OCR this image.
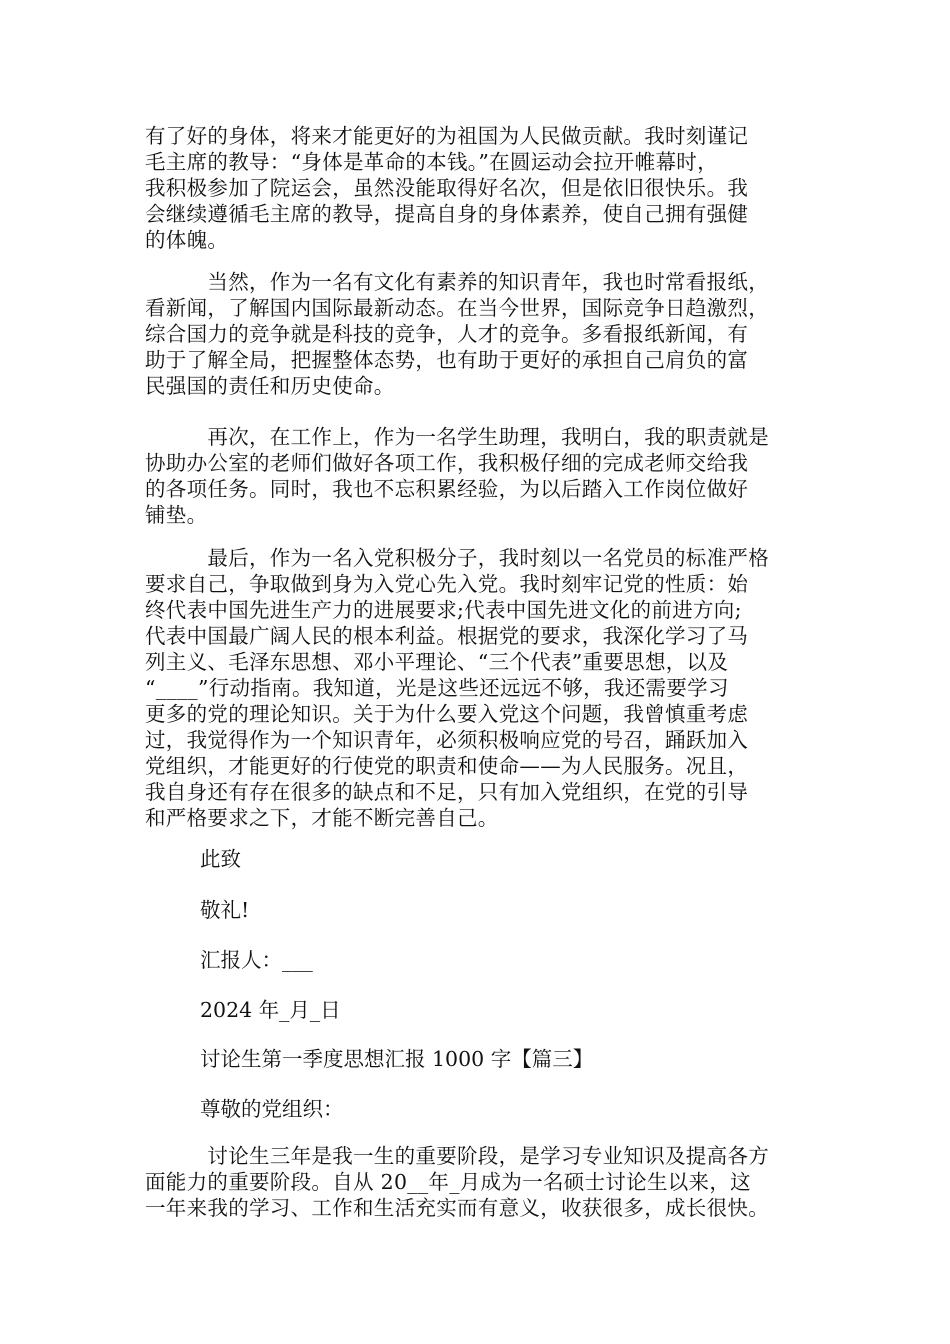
有了好的身体，将来才能更好的为祖国为人民做贡献。我时刻谨记
毛主席的教导：“身体是革命的本钱。”在圆运动会拉开帷幕时，
我积极参加了院运会，虽然没能取得好名次，但是依旧很快乐。我
会继续遵循毛主席的教导，提高自身的身体素养，使自己拥有强健
的体魄。
　　　当然，作为一名有文化有素养的知识青年，我也时常看报纸，
看新闻，了解国内国际最新动态。在当今世界，国际竞争日趋激烈，
综合国力的竞争就是科技的竞争，人才的竞争。多看报纸新闻，有
助于了解全局，把握整体态势，也有助于更好的承担自己肩负的富
民强国的责任和历史使命。
　　　再次，在工作上，作为一名学生助理，我明白，我的职责就是
协助办公室的老师们做好各项工作，我积极仔细的完成老师交给我
的各项任务。同时，我也不忘积累经验，为以后踏入工作岗位做好
铺垫。
　　　最后，作为一名入党积极分子，我时刻以一名党员的标准严格
要求自己，争取做到身为入党心先入党。我时刻牢记党的性质：始
终代表中国先进生产力的进展要求;代表中国先进文化的前进方向;
代表中国最广阔人民的根本利益。根据党的要求，我深化学习了马
列主义、毛泽东思想、邓小平理论、“三个代表”重要思想，以及
“____”行动指南。我知道，光是这些还远远不够，我还需要学习
更多的党的理论知识。关于为什么要入党这个问题，我曾慎重考虑
过，我觉得作为一个知识青年，必须积极响应党的号召，踊跃加入
党组织，才能更好的行使党的职责和使命——为人民服务。况且，
我自身还有存在很多的缺点和不足，只有加入党组织，在党的引导
和严格要求之下，才能不断完善自己。

此致

敬礼!

汇报人：___

2024 年_月_日

讨论生第一季度思想汇报 1000 字【篇三】

尊敬的党组织：

　　　讨论生三年是我一生的重要阶段，是学习专业知识及提高各方
面能力的重要阶段。自从 20__年_月成为一名硕士讨论生以来，这
一年来我的学习、工作和生活充实而有意义，收获很多，成长很快。
